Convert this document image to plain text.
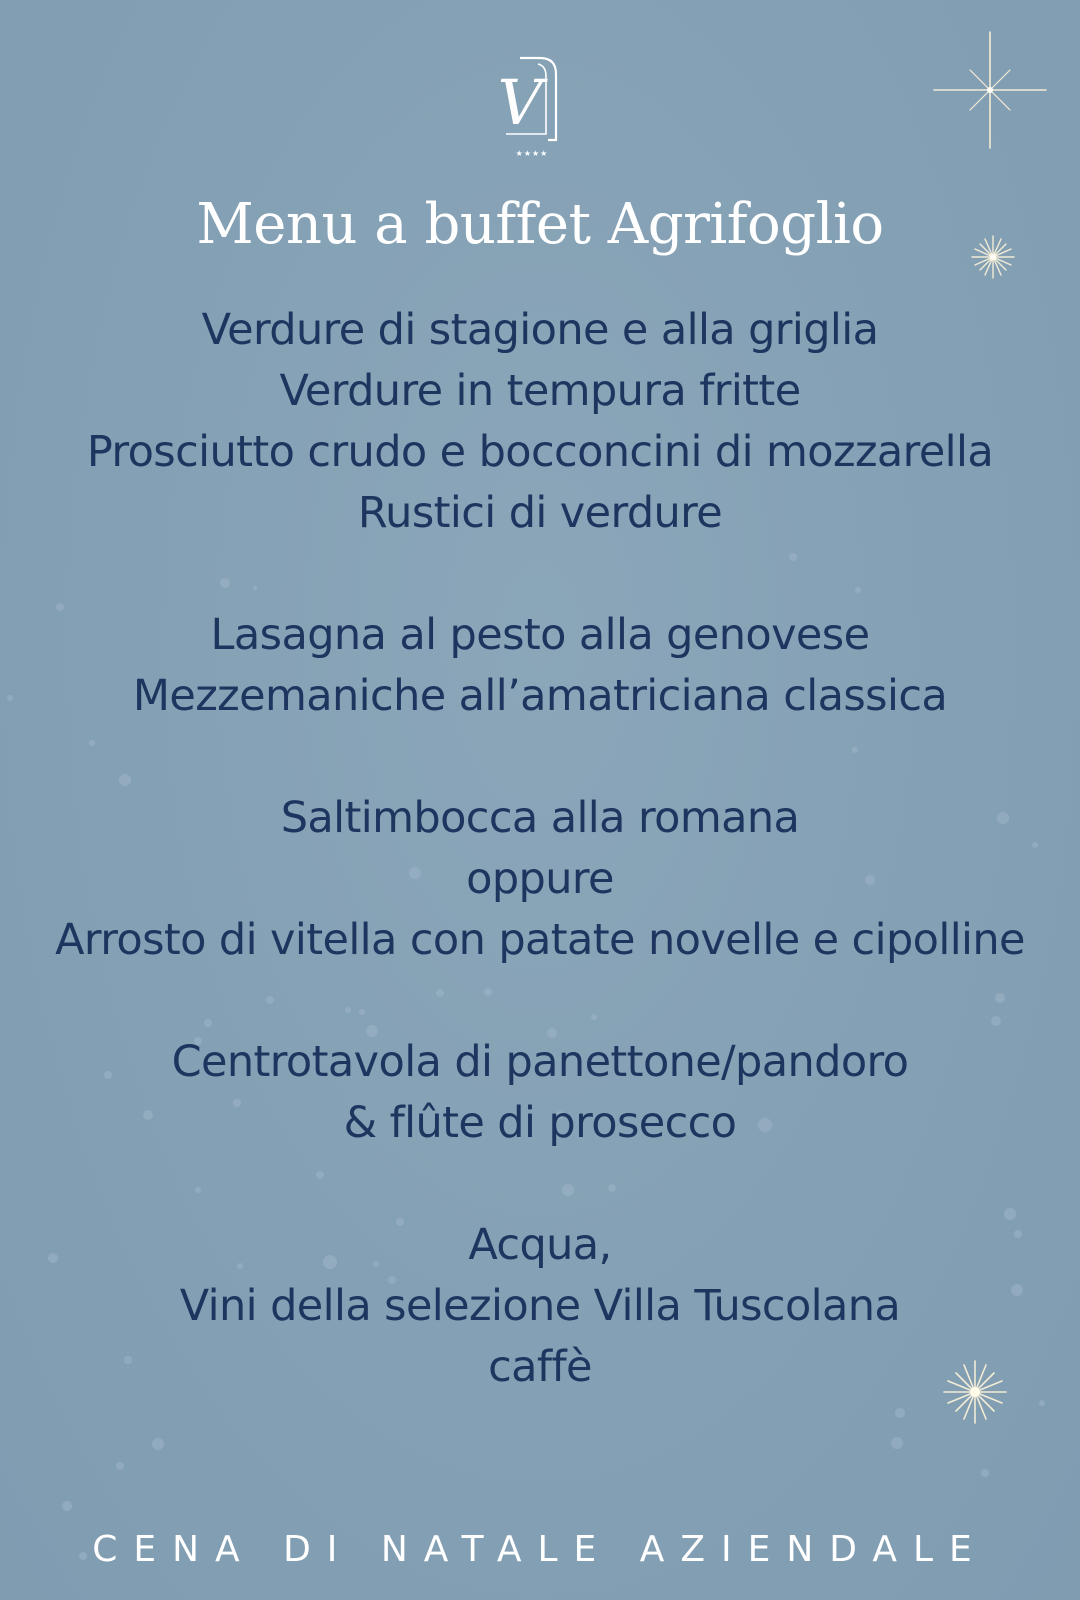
V
★★★★
Menu a buffet Agrifoglio
Verdure di stagione e alla griglia
Verdure in tempura fritte
Prosciutto crudo e bocconcini di mozzarella
Rustici di verdure
Lasagna al pesto alla genovese
Mezzemaniche all’amatriciana classica
Saltimbocca alla romana
oppure
Arrosto di vitella con patate novelle e cipolline
Centrotavola di panettone/pandoro
& flûte di prosecco
Acqua,
Vini della selezione Villa Tuscolana
caffè
CENA DI NATALE AZIENDALE
